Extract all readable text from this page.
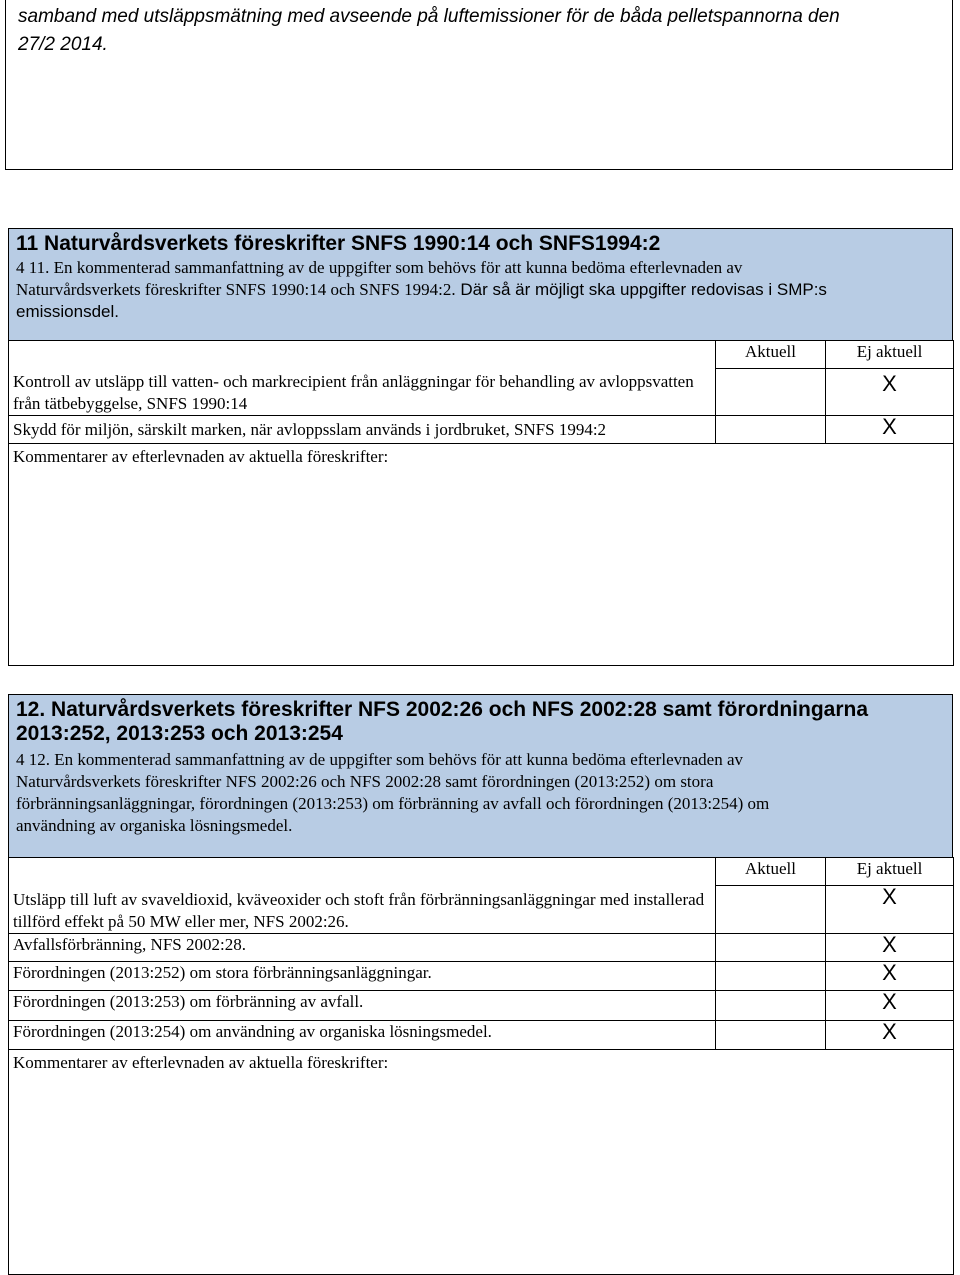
samband med utsläppsmätning med avseende på luftemissioner för de båda pelletspannorna den
27/2 2014.
11 Naturvårdsverkets föreskrifter SNFS 1990:14 och SNFS1994:2
4 11. En kommenterad sammanfattning av de uppgifter som behövs för att kunna bedöma efterlevnaden av
Naturvårdsverkets föreskrifter SNFS 1990:14 och SNFS 1994:2. Där så är möjligt ska uppgifter redovisas i SMP:s
emissionsdel.
	Aktuell	Ej aktuell
Kontroll av utsläpp till vatten- och markrecipient från anläggningar för behandling av avloppsvatten från tätbebyggelse, SNFS 1990:14		X
Skydd för miljön, särskilt marken, när avloppsslam används i jordbruket, SNFS 1994:2		X
Kommentarer av efterlevnaden av aktuella föreskrifter:		
12. Naturvårdsverkets föreskrifter NFS 2002:26 och NFS 2002:28 samt förordningarna
2013:252, 2013:253 och 2013:254
4 12. En kommenterad sammanfattning av de uppgifter som behövs för att kunna bedöma efterlevnaden av
Naturvårdsverkets föreskrifter NFS 2002:26 och NFS 2002:28 samt förordningen (2013:252) om stora
förbränningsanläggningar, förordningen (2013:253) om förbränning av avfall och förordningen (2013:254) om
användning av organiska lösningsmedel.
	Aktuell	Ej aktuell
Utsläpp till luft av svaveldioxid, kväveoxider och stoft från förbränningsanläggningar med installerad tillförd effekt på 50 MW eller mer, NFS 2002:26.		X
Avfallsförbränning, NFS 2002:28.		X
Förordningen (2013:252) om stora förbränningsanläggningar.		X
Förordningen (2013:253) om förbränning av avfall.		X
Förordningen (2013:254) om användning av organiska lösningsmedel.		X
Kommentarer av efterlevnaden av aktuella föreskrifter:		
